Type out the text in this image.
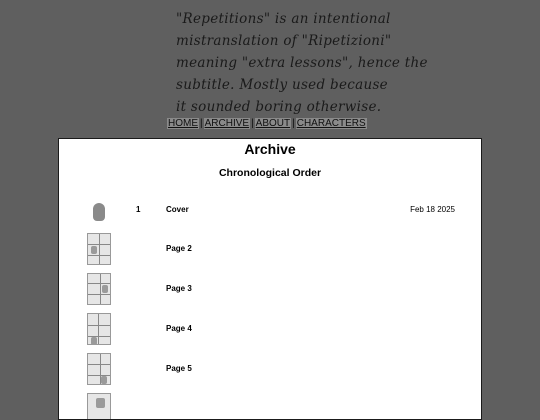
"Repetitions" is an intentional
mistranslation of "Ripetizioni"
meaning "extra lessons", hence the
subtitle. Mostly used because
it sounded boring otherwise.
HOME | ARCHIVE | ABOUT | CHARACTERS
Archive
Chronological Order
1	Cover	Feb 18 2025
Page 2
Page 3
Page 4
Page 5
